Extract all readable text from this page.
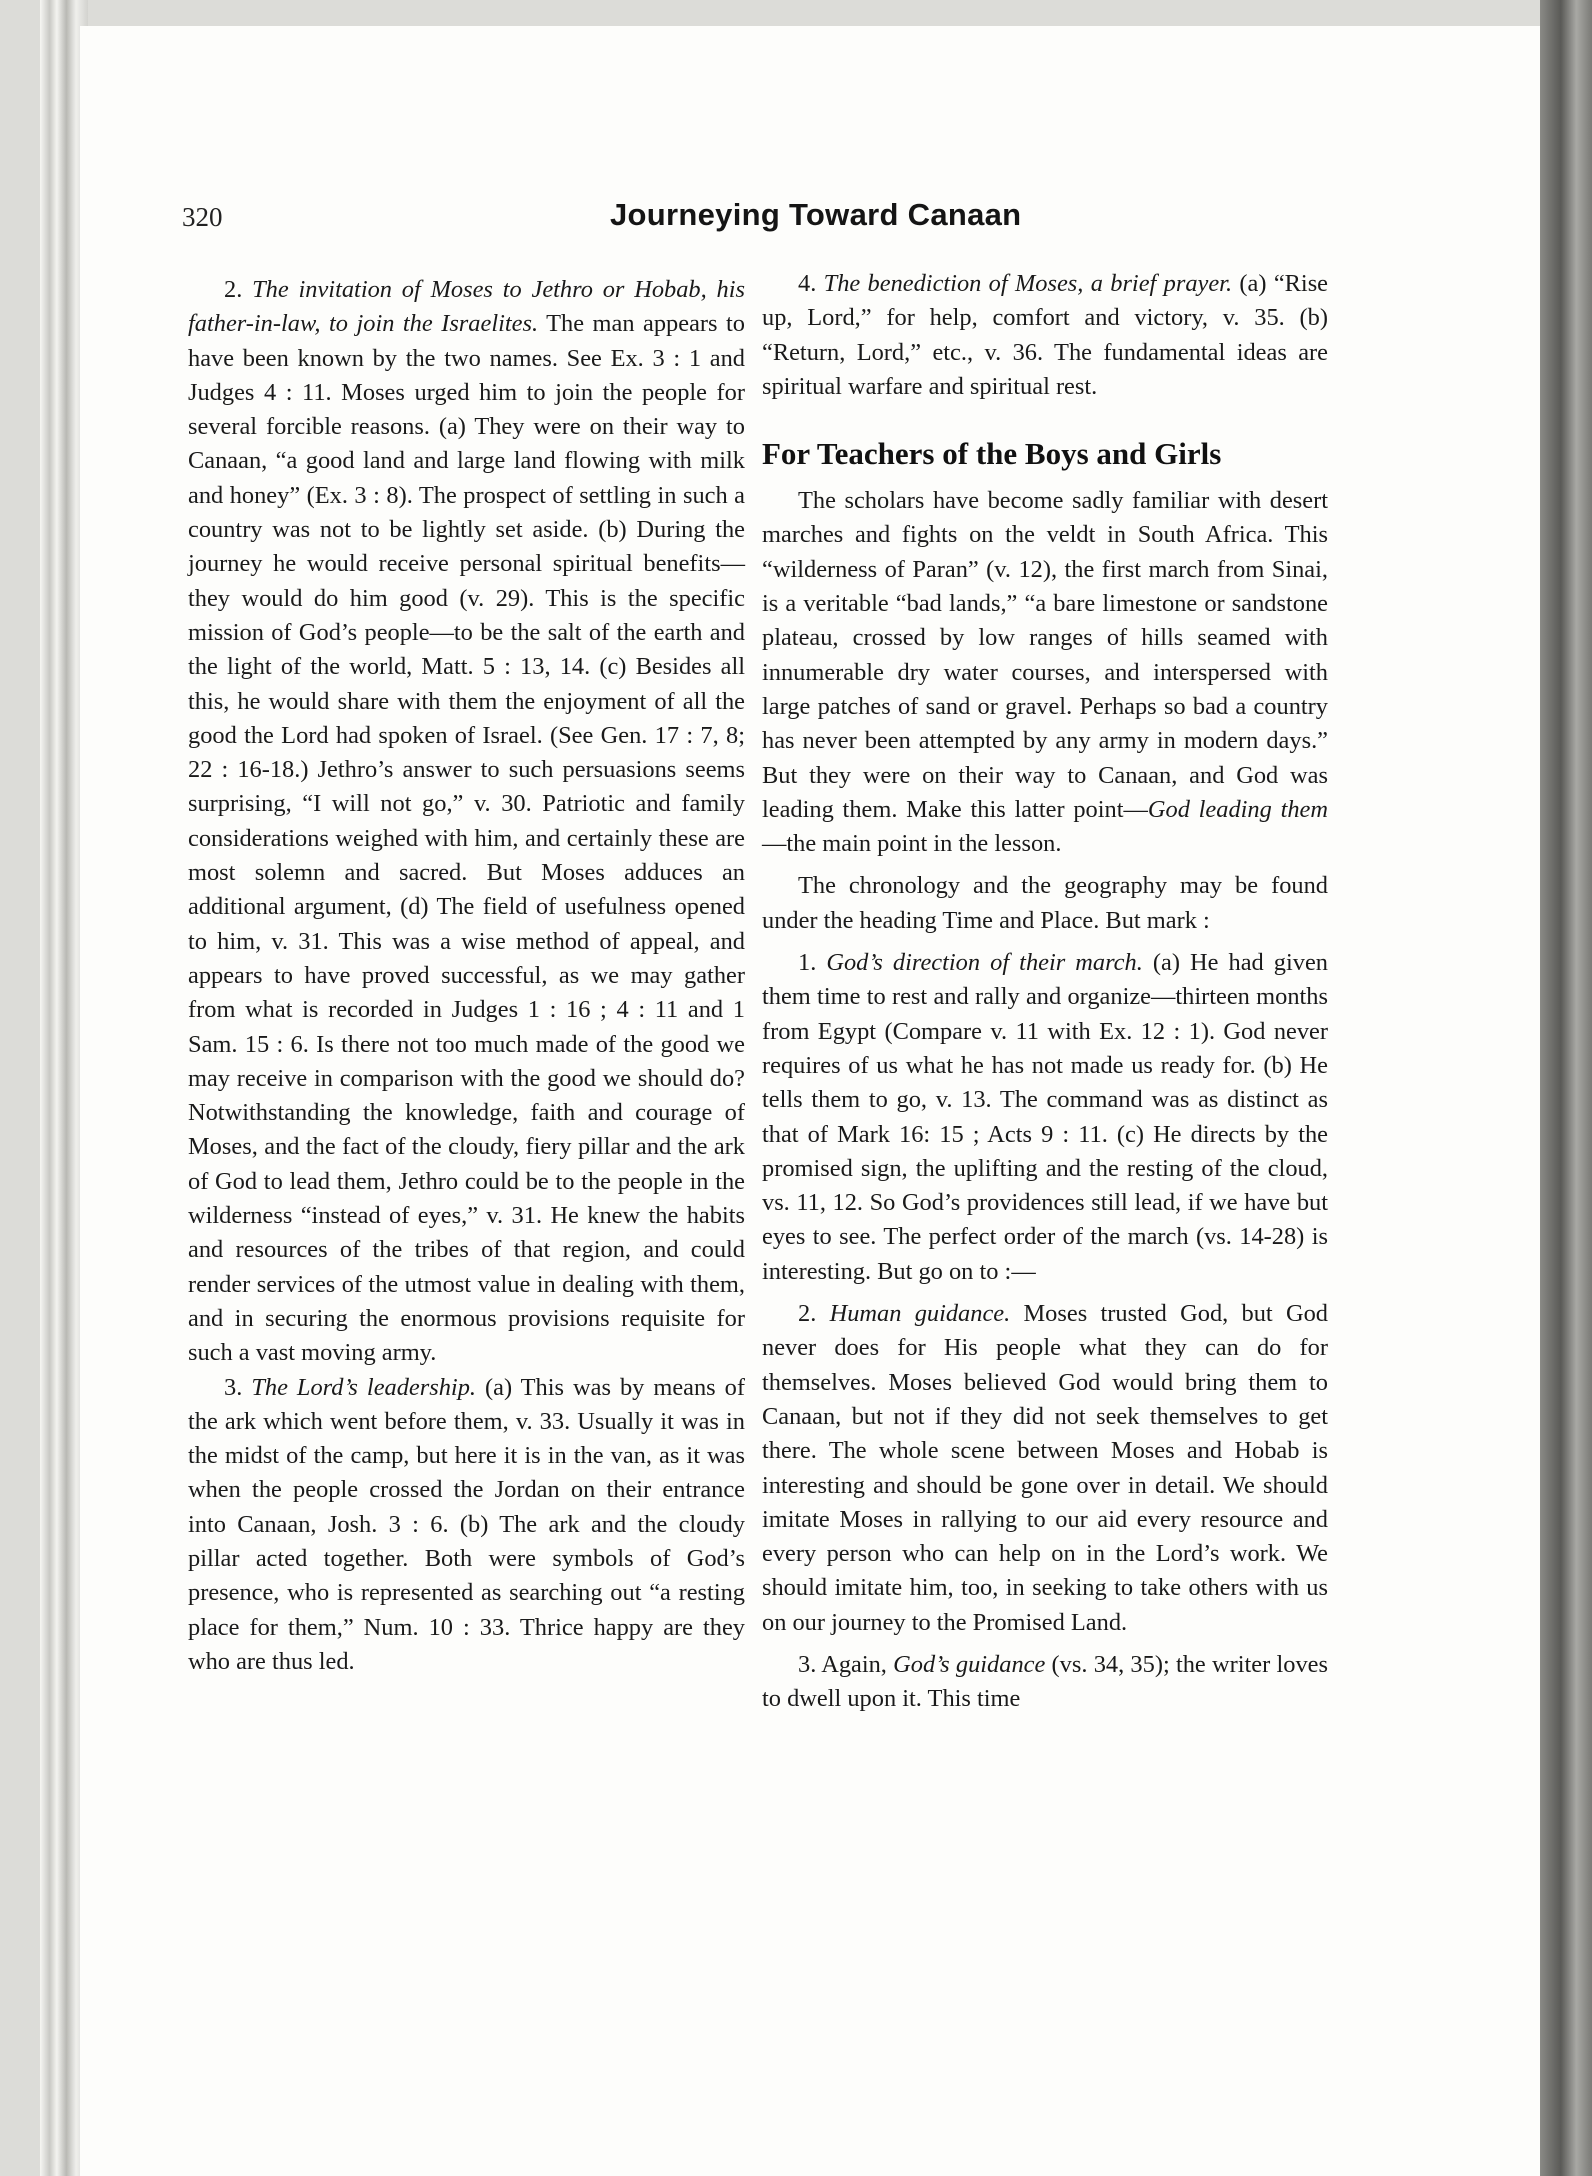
320	Journeying Toward Canaan

2. The invitation of Moses to Jethro or Hobab, his father-in-law, to join the Israelites. The man appears to have been known by the two names. See Ex. 3 : 1 and Judges 4 : 11. Moses urged him to join the people for several forcible reasons. (a) They were on their way to Canaan, “a good land and large land flowing with milk and honey” (Ex. 3 : 8). The prospect of settling in such a country was not to be lightly set aside. (b) During the journey he would receive personal spiritual benefits—they would do him good (v. 29). This is the specific mission of God’s people—to be the salt of the earth and the light of the world, Matt. 5 : 13, 14. (c) Besides all this, he would share with them the enjoyment of all the good the Lord had spoken of Israel. (See Gen. 17 : 7, 8; 22 : 16-18.) Jethro’s answer to such persuasions seems surprising, “I will not go,” v. 30. Patriotic and family considerations weighed with him, and certainly these are most solemn and sacred. But Moses adduces an additional argument, (d) The field of usefulness opened to him, v. 31. This was a wise method of appeal, and appears to have proved successful, as we may gather from what is recorded in Judges 1 : 16 ; 4 : 11 and 1 Sam. 15 : 6. Is there not too much made of the good we may receive in comparison with the good we should do? Notwithstanding the knowledge, faith and courage of Moses, and the fact of the cloudy, fiery pillar and the ark of God to lead them, Jethro could be to the people in the wilderness “instead of eyes,” v. 31. He knew the habits and resources of the tribes of that region, and could render services of the utmost value in dealing with them, and in securing the enormous provisions requisite for such a vast moving army.

3. The Lord’s leadership. (a) This was by means of the ark which went before them, v. 33. Usually it was in the midst of the camp, but here it is in the van, as it was when the people crossed the Jordan on their entrance into Canaan, Josh. 3 : 6. (b) The ark and the cloudy pillar acted together. Both were symbols of God’s presence, who is represented as searching out “a resting place for them,” Num. 10 : 33. Thrice happy are they who are thus led.

4. The benediction of Moses, a brief prayer. (a) “Rise up, Lord,” for help, comfort and victory, v. 35. (b) “Return, Lord,” etc., v. 36. The fundamental ideas are spiritual warfare and spiritual rest.

For Teachers of the Boys and Girls

The scholars have become sadly familiar with desert marches and fights on the veldt in South Africa. This “wilderness of Paran” (v. 12), the first march from Sinai, is a veritable “bad lands,” “a bare limestone or sandstone plateau, crossed by low ranges of hills seamed with innumerable dry water courses, and interspersed with large patches of sand or gravel. Perhaps so bad a country has never been attempted by any army in modern days.” But they were on their way to Canaan, and God was leading them. Make this latter point—God leading them—the main point in the lesson.

The chronology and the geography may be found under the heading Time and Place. But mark :

1. God’s direction of their march. (a) He had given them time to rest and rally and organize—thirteen months from Egypt (Compare v. 11 with Ex. 12 : 1). God never requires of us what he has not made us ready for. (b) He tells them to go, v. 13. The command was as distinct as that of Mark 16: 15 ; Acts 9 : 11. (c) He directs by the promised sign, the uplifting and the resting of the cloud, vs. 11, 12. So God’s providences still lead, if we have but eyes to see. The perfect order of the march (vs. 14-28) is interesting. But go on to :—

2. Human guidance. Moses trusted God, but God never does for His people what they can do for themselves. Moses believed God would bring them to Canaan, but not if they did not seek themselves to get there. The whole scene between Moses and Hobab is interesting and should be gone over in detail. We should imitate Moses in rallying to our aid every resource and every person who can help on in the Lord’s work. We should imitate him, too, in seeking to take others with us on our journey to the Promised Land.

3. Again, God’s guidance (vs. 34, 35); the writer loves to dwell upon it. This time
